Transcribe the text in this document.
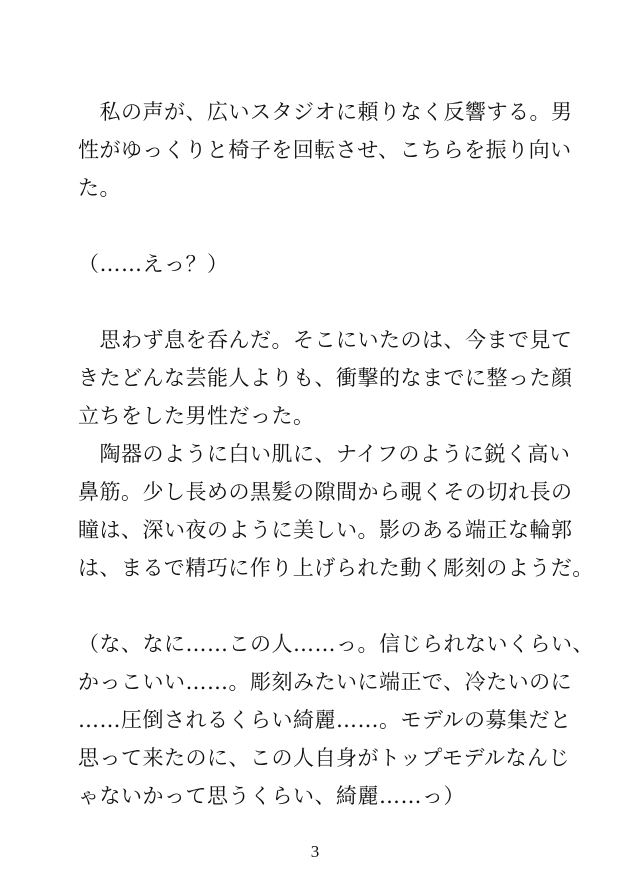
　私の声が、広いスタジオに頼りなく反響する。男
性がゆっくりと椅子を回転させ、こちらを振り向い
た。
（……えっ？）
　思わず息を呑んだ。そこにいたのは、今まで見て
きたどんな芸能人よりも、衝撃的なまでに整った顔
立ちをした男性だった。
　陶器のように白い肌に、ナイフのように鋭く高い
鼻筋。少し長めの黒髪の隙間から覗くその切れ長の
瞳は、深い夜のように美しい。影のある端正な輪郭
は、まるで精巧に作り上げられた動く彫刻のようだ。
（な、なに……この人……っ。信じられないくらい、
かっこいい……。彫刻みたいに端正で、冷たいのに
……圧倒されるくらい綺麗……。モデルの募集だと
思って来たのに、この人自身がトップモデルなんじ
ゃないかって思うくらい、綺麗……っ）
3
